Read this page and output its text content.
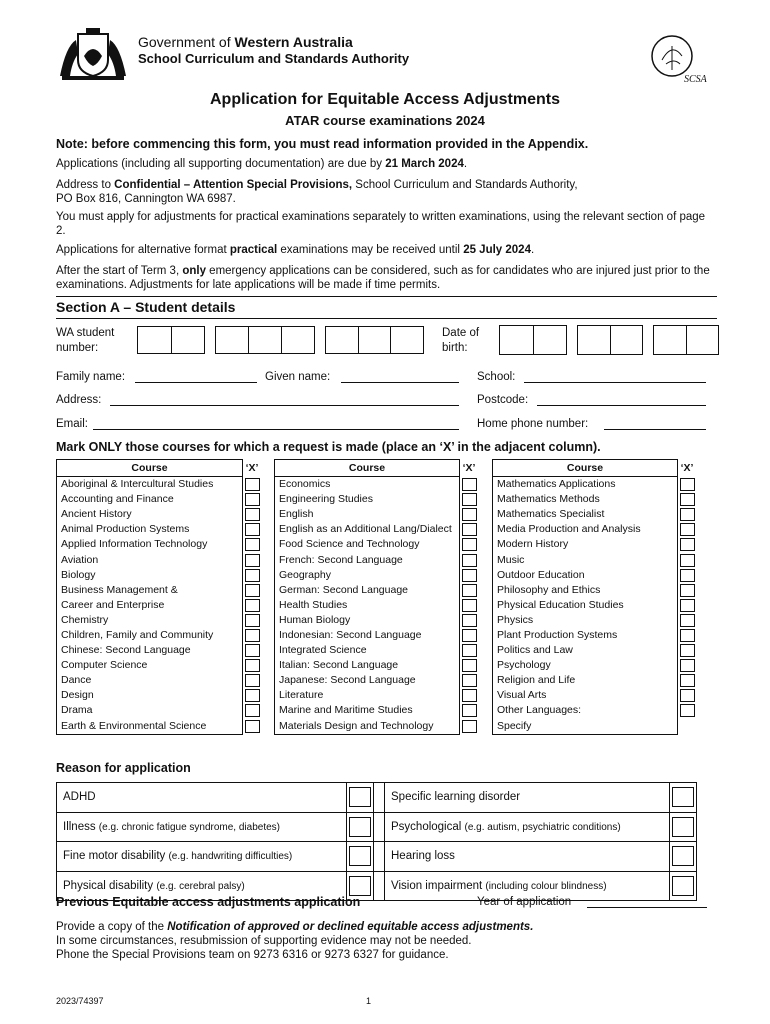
Government of Western Australia
School Curriculum and Standards Authority
SCSA
Application for Equitable Access Adjustments
ATAR course examinations 2024
Note: before commencing this form, you must read information provided in the Appendix.
Applications (including all supporting documentation) are due by 21 March 2024.
Address to Confidential – Attention Special Provisions, School Curriculum and Standards Authority,
PO Box 816, Cannington WA 6987.
You must apply for adjustments for practical examinations separately to written examinations, using the relevant section of page 2.
Applications for alternative format practical examinations may be received until 25 July 2024.
After the start of Term 3, only emergency applications can be considered, such as for candidates who are injured just prior to the examinations. Adjustments for late applications will be made if time permits.
Section A – Student details
WA student
number:
Date of
birth:
Family name:	Given name:	School:
Address:	Postcode:
Email:	Home phone number:
Mark ONLY those courses for which a request is made (place an ‘X’ in the adjacent column).
Course	‘X’
Aboriginal & Intercultural Studies	

Accounting and Finance	

Ancient History	

Animal Production Systems	

Applied Information Technology	

Aviation	

Biology	

Business Management &	

Career and Enterprise	

Chemistry	

Children, Family and Community	

Chinese: Second Language	

Computer Science	

Dance	

Design	

Drama	

Earth & Environmental Science	
Course	‘X’
Economics	

Engineering Studies	

English	

English as an Additional Lang/Dialect	

Food Science and Technology	

French: Second Language	

Geography	

German: Second Language	

Health Studies	

Human Biology	

Indonesian: Second Language	

Integrated Science	

Italian: Second Language	

Japanese: Second Language	

Literature	

Marine and Maritime Studies	

Materials Design and Technology	
Course	‘X’
Mathematics Applications	

Mathematics Methods	

Mathematics Specialist	

Media Production and Analysis	

Modern History	

Music	

Outdoor Education	

Philosophy and Ethics	

Physical Education Studies	

Physics	

Plant Production Systems	

Politics and Law	

Psychology	

Religion and Life	

Visual Arts	

Other Languages:	

Specify	
Reason for application
ADHD			Specific learning disorder	

Illness (e.g. chronic fatigue syndrome, diabetes)			Psychological (e.g. autism, psychiatric conditions)	

Fine motor disability (e.g. handwriting difficulties)			Hearing loss	

Physical disability (e.g. cerebral palsy)			Vision impairment (including colour blindness)	
Previous Equitable access adjustments application	Year of application
Provide a copy of the Notification of approved or declined equitable access adjustments.
In some circumstances, resubmission of supporting evidence may not be needed.
Phone the Special Provisions team on 9273 6316 or 9273 6327 for guidance.
2023/74397	1
